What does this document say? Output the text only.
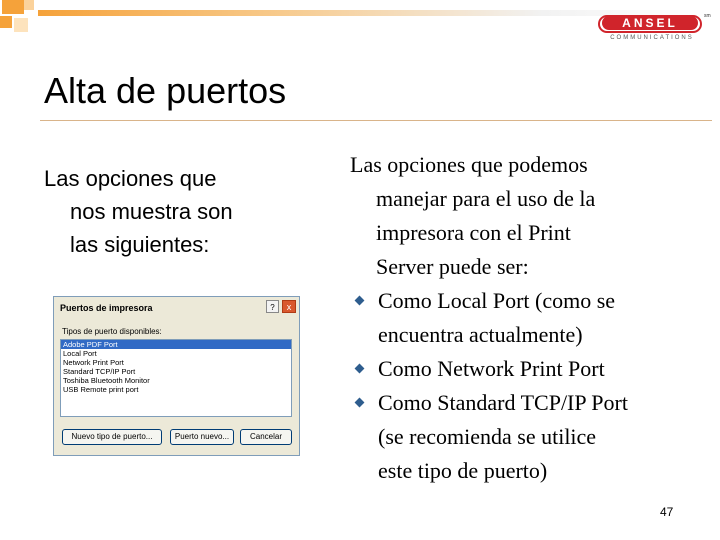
ANSEL
COMMUNICATIONS
sm
Alta de puertos
Las opciones que
nos muestra son
las siguientes:
Puertos de impresora	?	x
Tipos de puerto disponibles:
Adobe PDF Port
Local Port
Network Print Port
Standard TCP/IP Port
Toshiba Bluetooth Monitor
USB Remote print port
Nuevo tipo de puerto...	Puerto nuevo...	Cancelar
Las opciones que podemos
manejar para el uso de la
impresora con el Print
Server puede ser:
Como Local Port (como se
encuentra actualmente)
Como Network Print Port
Como Standard TCP/IP Port
(se recomienda se utilice
este tipo de puerto)
47
